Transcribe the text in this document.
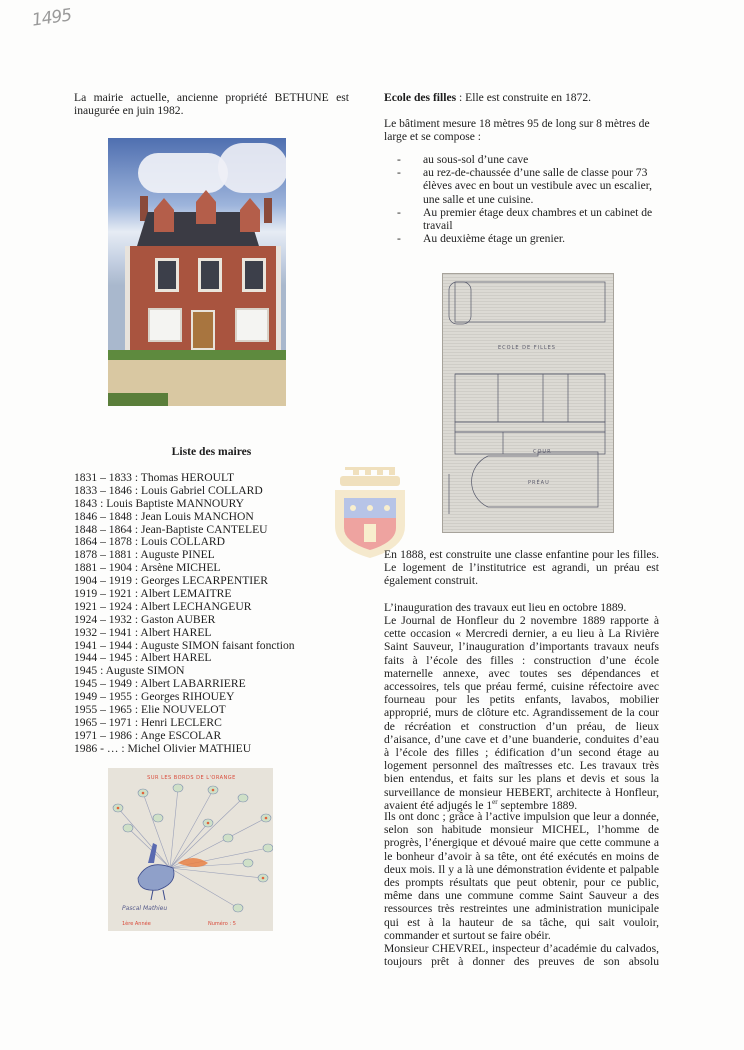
1495
La mairie actuelle, ancienne propriété BETHUNE est inaugurée en juin 1982.
Liste des maires
1831 – 1833 : Thomas HEROULT
1833 – 1846 : Louis Gabriel COLLARD
1843 : Louis Baptiste MANNOURY
1846 – 1848 : Jean Louis MANCHON
1848 – 1864 : Jean-Baptiste CANTELEU
1864 – 1878 : Louis COLLARD
1878 – 1881 : Auguste PINEL
1881 – 1904 : Arsène MICHEL
1904 – 1919 : Georges LECARPENTIER
1919 – 1921 : Albert LEMAITRE
1921 – 1924 : Albert LECHANGEUR
1924 – 1932 : Gaston AUBER
1932 – 1941 : Albert HAREL
1941 – 1944 : Auguste SIMON faisant fonction
1944 – 1945 : Albert HAREL
1945 : Auguste SIMON
1945 – 1949 : Albert LABARRIERE
1949 – 1955 : Georges RIHOUEY
1955 – 1965 : Elie NOUVELOT
1965 – 1971 : Henri LECLERC
1971 – 1986 : Ange ESCOLAR
1986 - … : Michel Olivier MATHIEU
SUR LES BORDS DE L'ORANGE
Pascal Mathieu
1ère Année	Numéro : 5
Ecole des filles : Elle est construite en 1872.
Le bâtiment mesure 18 mètres 95 de long sur 8 mètres de large et se compose :
-	au sous-sol d’une cave
-	au rez-de-chaussée d’une salle de classe pour 73 élèves avec en bout un vestibule avec un escalier, une salle et une cuisine.
-	Au premier étage deux chambres et un cabinet de travail
-	Au deuxième étage un grenier.
ECOLE DE FILLES
PRÉAU
COUR
En 1888, est construite une classe enfantine pour les filles. Le logement de l’institutrice est agrandi, un préau est également construit.
L’inauguration des travaux eut lieu en octobre 1889.
Le Journal de Honfleur du 2 novembre 1889 rapporte à cette occasion « Mercredi dernier, a eu lieu à La Rivière Saint Sauveur, l’inauguration d’importants travaux neufs faits à l’école des filles : construction d’une école maternelle annexe, avec toutes ses dépendances et accessoires, tels que préau fermé, cuisine réfectoire avec fourneau pour les petits enfants, lavabos, mobilier approprié, murs de clôture etc. Agrandissement de la cour de récréation et construction d’un préau, de lieux d’aisance, d’une cave et d’une buanderie, conduites d’eau à l’école des filles ; édification d’un second étage au logement personnel des maîtresses etc. Les travaux très bien entendus, et faits sur les plans et devis et sous la surveillance de monsieur HEBERT, architecte à Honfleur, avaient été adjugés le 1er septembre 1889.
Ils ont donc ; grâce à l’active impulsion que leur a donnée, selon son habitude monsieur MICHEL, l’homme de progrès, l’énergique et dévoué maire que cette commune a le bonheur d’avoir à sa tête, ont été exécutés en moins de deux mois. Il y a là une démonstration évidente et palpable des prompts résultats que peut obtenir, pour ce public, même dans une commune comme Saint Sauveur a des ressources très restreintes une administration municipale qui est à la hauteur de sa tâche, qui sait vouloir, commander et surtout se faire obéir.
Monsieur CHEVREL, inspecteur d’académie du calvados, toujours prêt à donner des preuves de son absolu
